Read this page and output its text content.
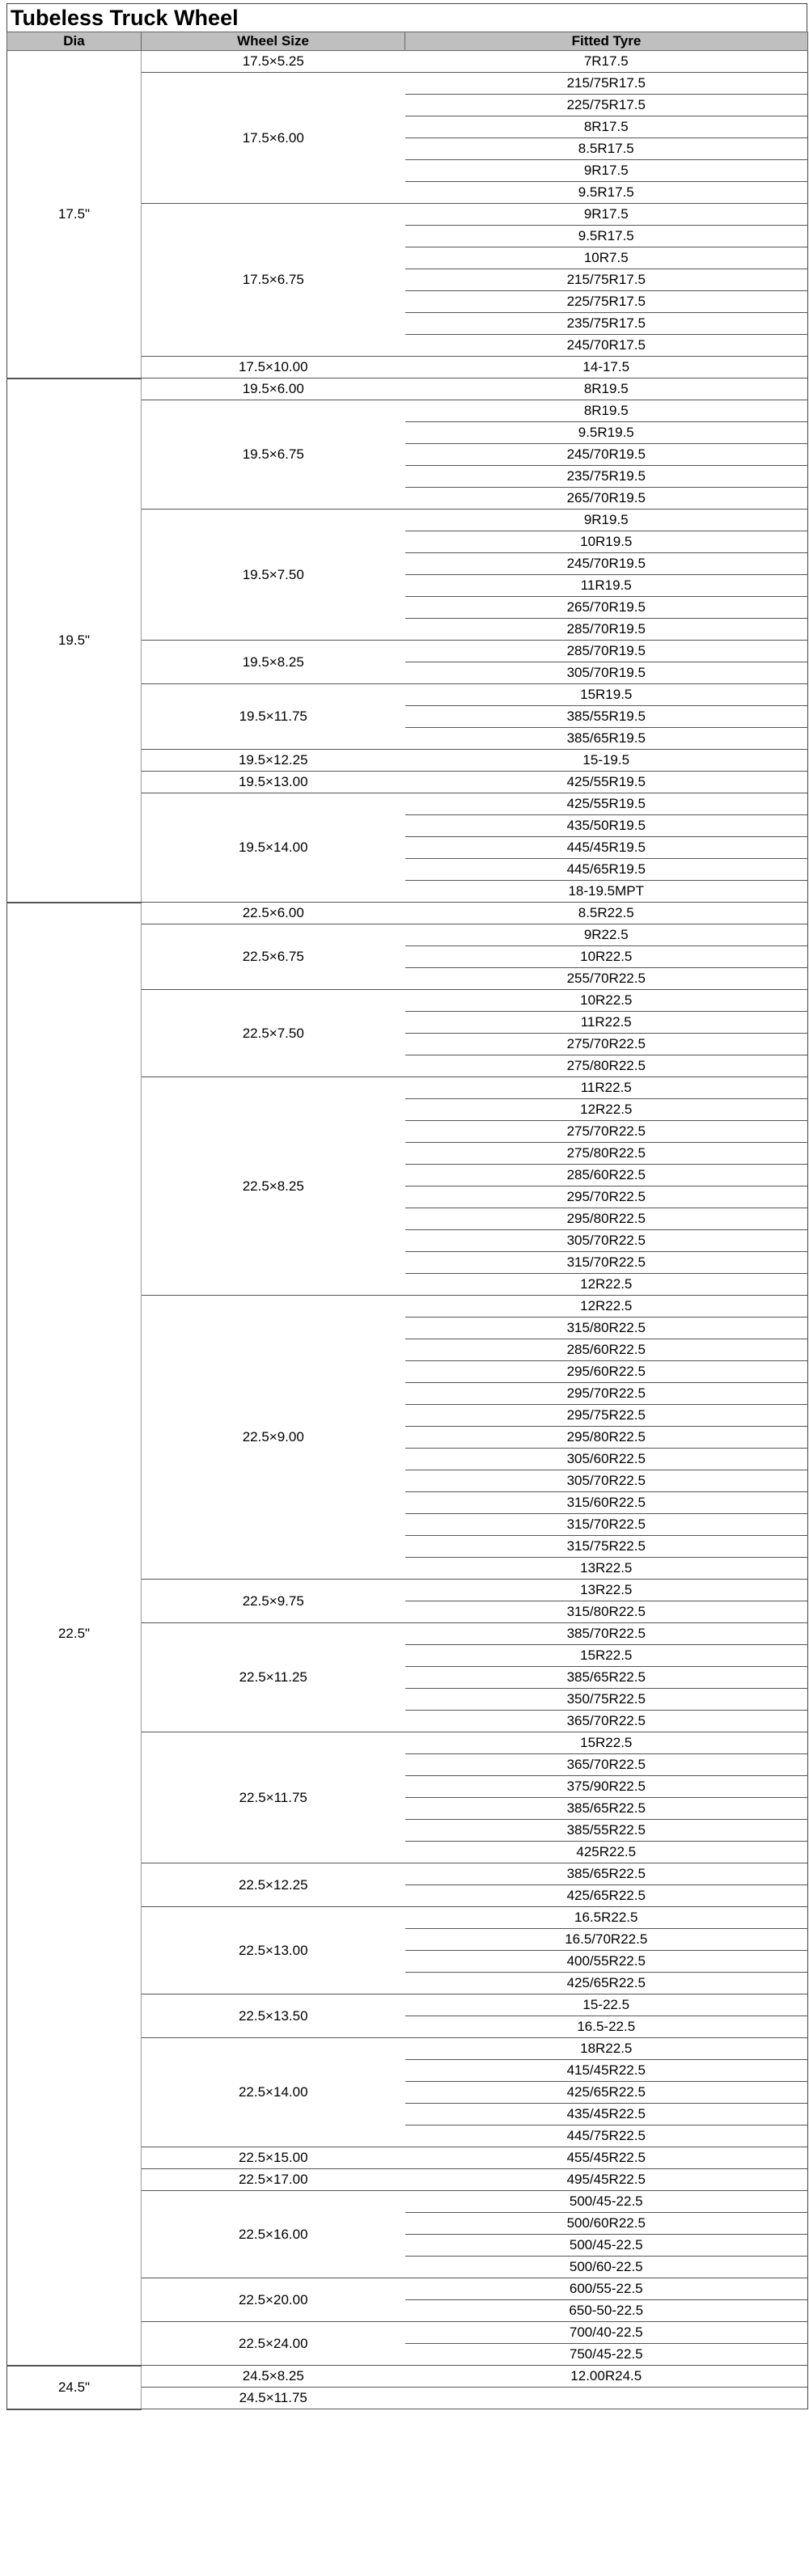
Tubeless Truck Wheel
Dia	Wheel Size	Fitted Tyre
17.5"	17.5×5.25	7R17.5
	17.5×6.00	215/75R17.5
		225/75R17.5
		8R17.5
		8.5R17.5
		9R17.5
		9.5R17.5
	17.5×6.75	9R17.5
		9.5R17.5
		10R7.5
		215/75R17.5
		225/75R17.5
		235/75R17.5
		245/70R17.5
	17.5×10.00	14-17.5
19.5"	19.5×6.00	8R19.5
	19.5×6.75	8R19.5
		9.5R19.5
		245/70R19.5
		235/75R19.5
		265/70R19.5
	19.5×7.50	9R19.5
		10R19.5
		245/70R19.5
		11R19.5
		265/70R19.5
		285/70R19.5
	19.5×8.25	285/70R19.5
		305/70R19.5
	19.5×11.75	15R19.5
		385/55R19.5
		385/65R19.5
	19.5×12.25	15-19.5
	19.5×13.00	425/55R19.5
	19.5×14.00	425/55R19.5
		435/50R19.5
		445/45R19.5
		445/65R19.5
		18-19.5MPT
22.5"	22.5×6.00	8.5R22.5
	22.5×6.75	9R22.5
		10R22.5
		255/70R22.5
	22.5×7.50	10R22.5
		11R22.5
		275/70R22.5
		275/80R22.5
	22.5×8.25	11R22.5
		12R22.5
		275/70R22.5
		275/80R22.5
		285/60R22.5
		295/70R22.5
		295/80R22.5
		305/70R22.5
		315/70R22.5
		12R22.5
	22.5×9.00	12R22.5
		315/80R22.5
		285/60R22.5
		295/60R22.5
		295/70R22.5
		295/75R22.5
		295/80R22.5
		305/60R22.5
		305/70R22.5
		315/60R22.5
		315/70R22.5
		315/75R22.5
		13R22.5
	22.5×9.75	13R22.5
		315/80R22.5
	22.5×11.25	385/70R22.5
		15R22.5
		385/65R22.5
		350/75R22.5
		365/70R22.5
	22.5×11.75	15R22.5
		365/70R22.5
		375/90R22.5
		385/65R22.5
		385/55R22.5
		425R22.5
	22.5×12.25	385/65R22.5
		425/65R22.5
	22.5×13.00	16.5R22.5
		16.5/70R22.5
		400/55R22.5
		425/65R22.5
	22.5×13.50	15-22.5
		16.5-22.5
	22.5×14.00	18R22.5
		415/45R22.5
		425/65R22.5
		435/45R22.5
		445/75R22.5
	22.5×15.00	455/45R22.5
	22.5×17.00	495/45R22.5
	22.5×16.00	500/45-22.5
		500/60R22.5
		500/45-22.5
		500/60-22.5
	22.5×20.00	600/55-22.5
		650-50-22.5
	22.5×24.00	700/40-22.5
		750/45-22.5
24.5"	24.5×8.25	12.00R24.5
	24.5×11.75	
